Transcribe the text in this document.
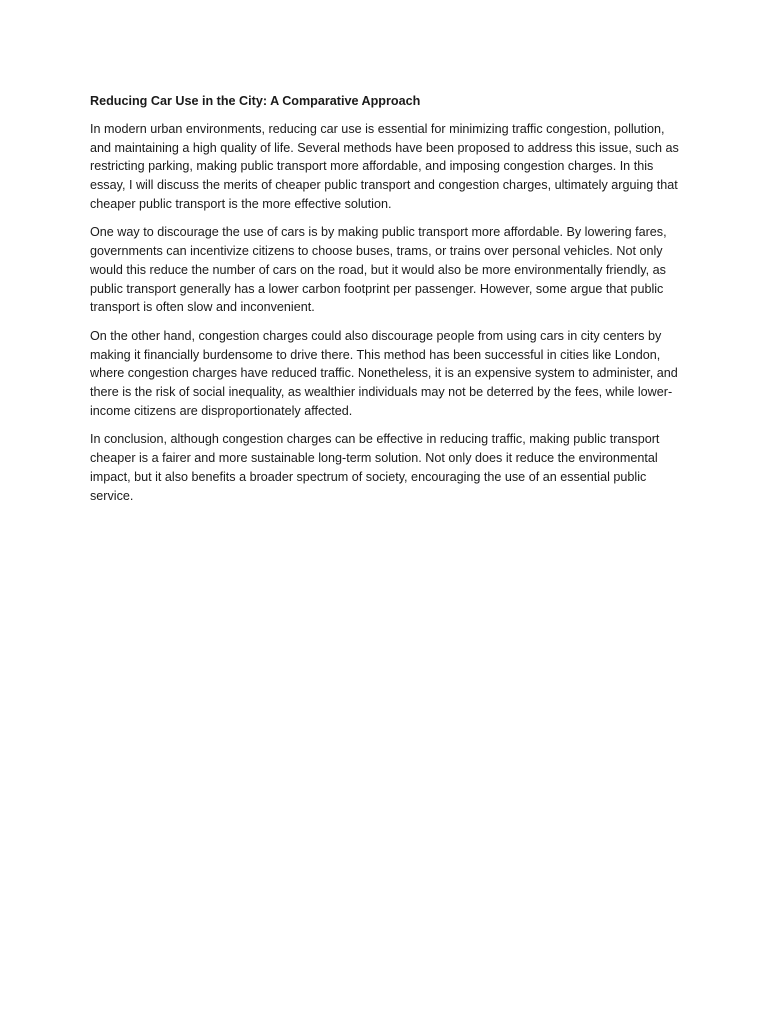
Reducing Car Use in the City: A Comparative Approach

In modern urban environments, reducing car use is essential for minimizing traffic congestion, pollution, and maintaining a high quality of life. Several methods have been proposed to address this issue, such as restricting parking, making public transport more affordable, and imposing congestion charges. In this essay, I will discuss the merits of cheaper public transport and congestion charges, ultimately arguing that cheaper public transport is the more effective solution.

One way to discourage the use of cars is by making public transport more affordable. By lowering fares, governments can incentivize citizens to choose buses, trams, or trains over personal vehicles. Not only would this reduce the number of cars on the road, but it would also be more environmentally friendly, as public transport generally has a lower carbon footprint per passenger. However, some argue that public transport is often slow and inconvenient.

On the other hand, congestion charges could also discourage people from using cars in city centers by making it financially burdensome to drive there. This method has been successful in cities like London, where congestion charges have reduced traffic. Nonetheless, it is an expensive system to administer, and there is the risk of social inequality, as wealthier individuals may not be deterred by the fees, while lower-income citizens are disproportionately affected.

In conclusion, although congestion charges can be effective in reducing traffic, making public transport cheaper is a fairer and more sustainable long-term solution. Not only does it reduce the environmental impact, but it also benefits a broader spectrum of society, encouraging the use of an essential public service.
